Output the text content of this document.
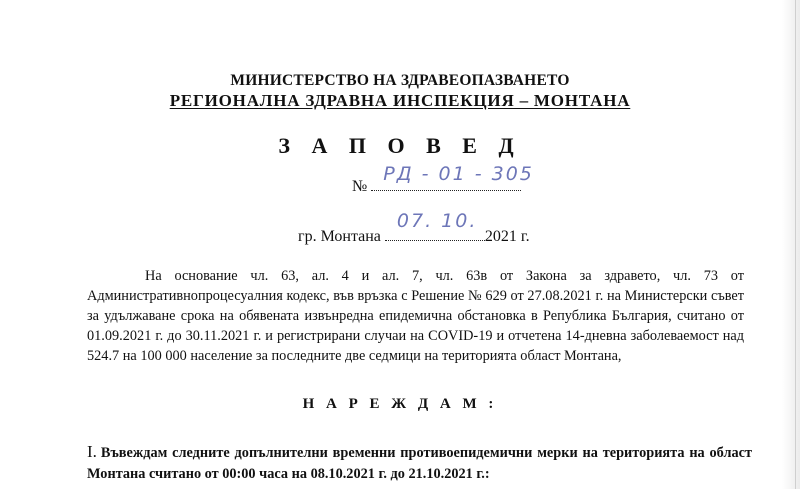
МИНИСТЕРСТВО НА ЗДРАВЕОПАЗВАНЕТО
РЕГИОНАЛНА ЗДРАВНА ИНСПЕКЦИЯ – МОНТАНА
З А П О В Е Д
№
РД - 01 - 305
гр. Монтана
07. 10.
2021 г.
На основание чл. 63, ал. 4 и ал. 7, чл. 63в от Закона за здравето, чл. 73 от Административнопроцесуалния кодекс, във връзка с Решение № 629 от 27.08.2021 г. на Министерски съвет за удължаване срока на обявената извънредна епидемична обстановка в Република България, считано от 01.09.2021 г. до 30.11.2021 г. и регистрирани случаи на COVID-19 и отчетена 14-дневна заболеваемост над 524.7 на 100 000 население за последните две седмици на територията област Монтана,
Н А Р Е Ж Д А М :
I. Въвеждам следните допълнителни временни противоепидемични мерки на територията на област Монтана считано от 00:00 часа на 08.10.2021 г. до 21.10.2021 г.:
